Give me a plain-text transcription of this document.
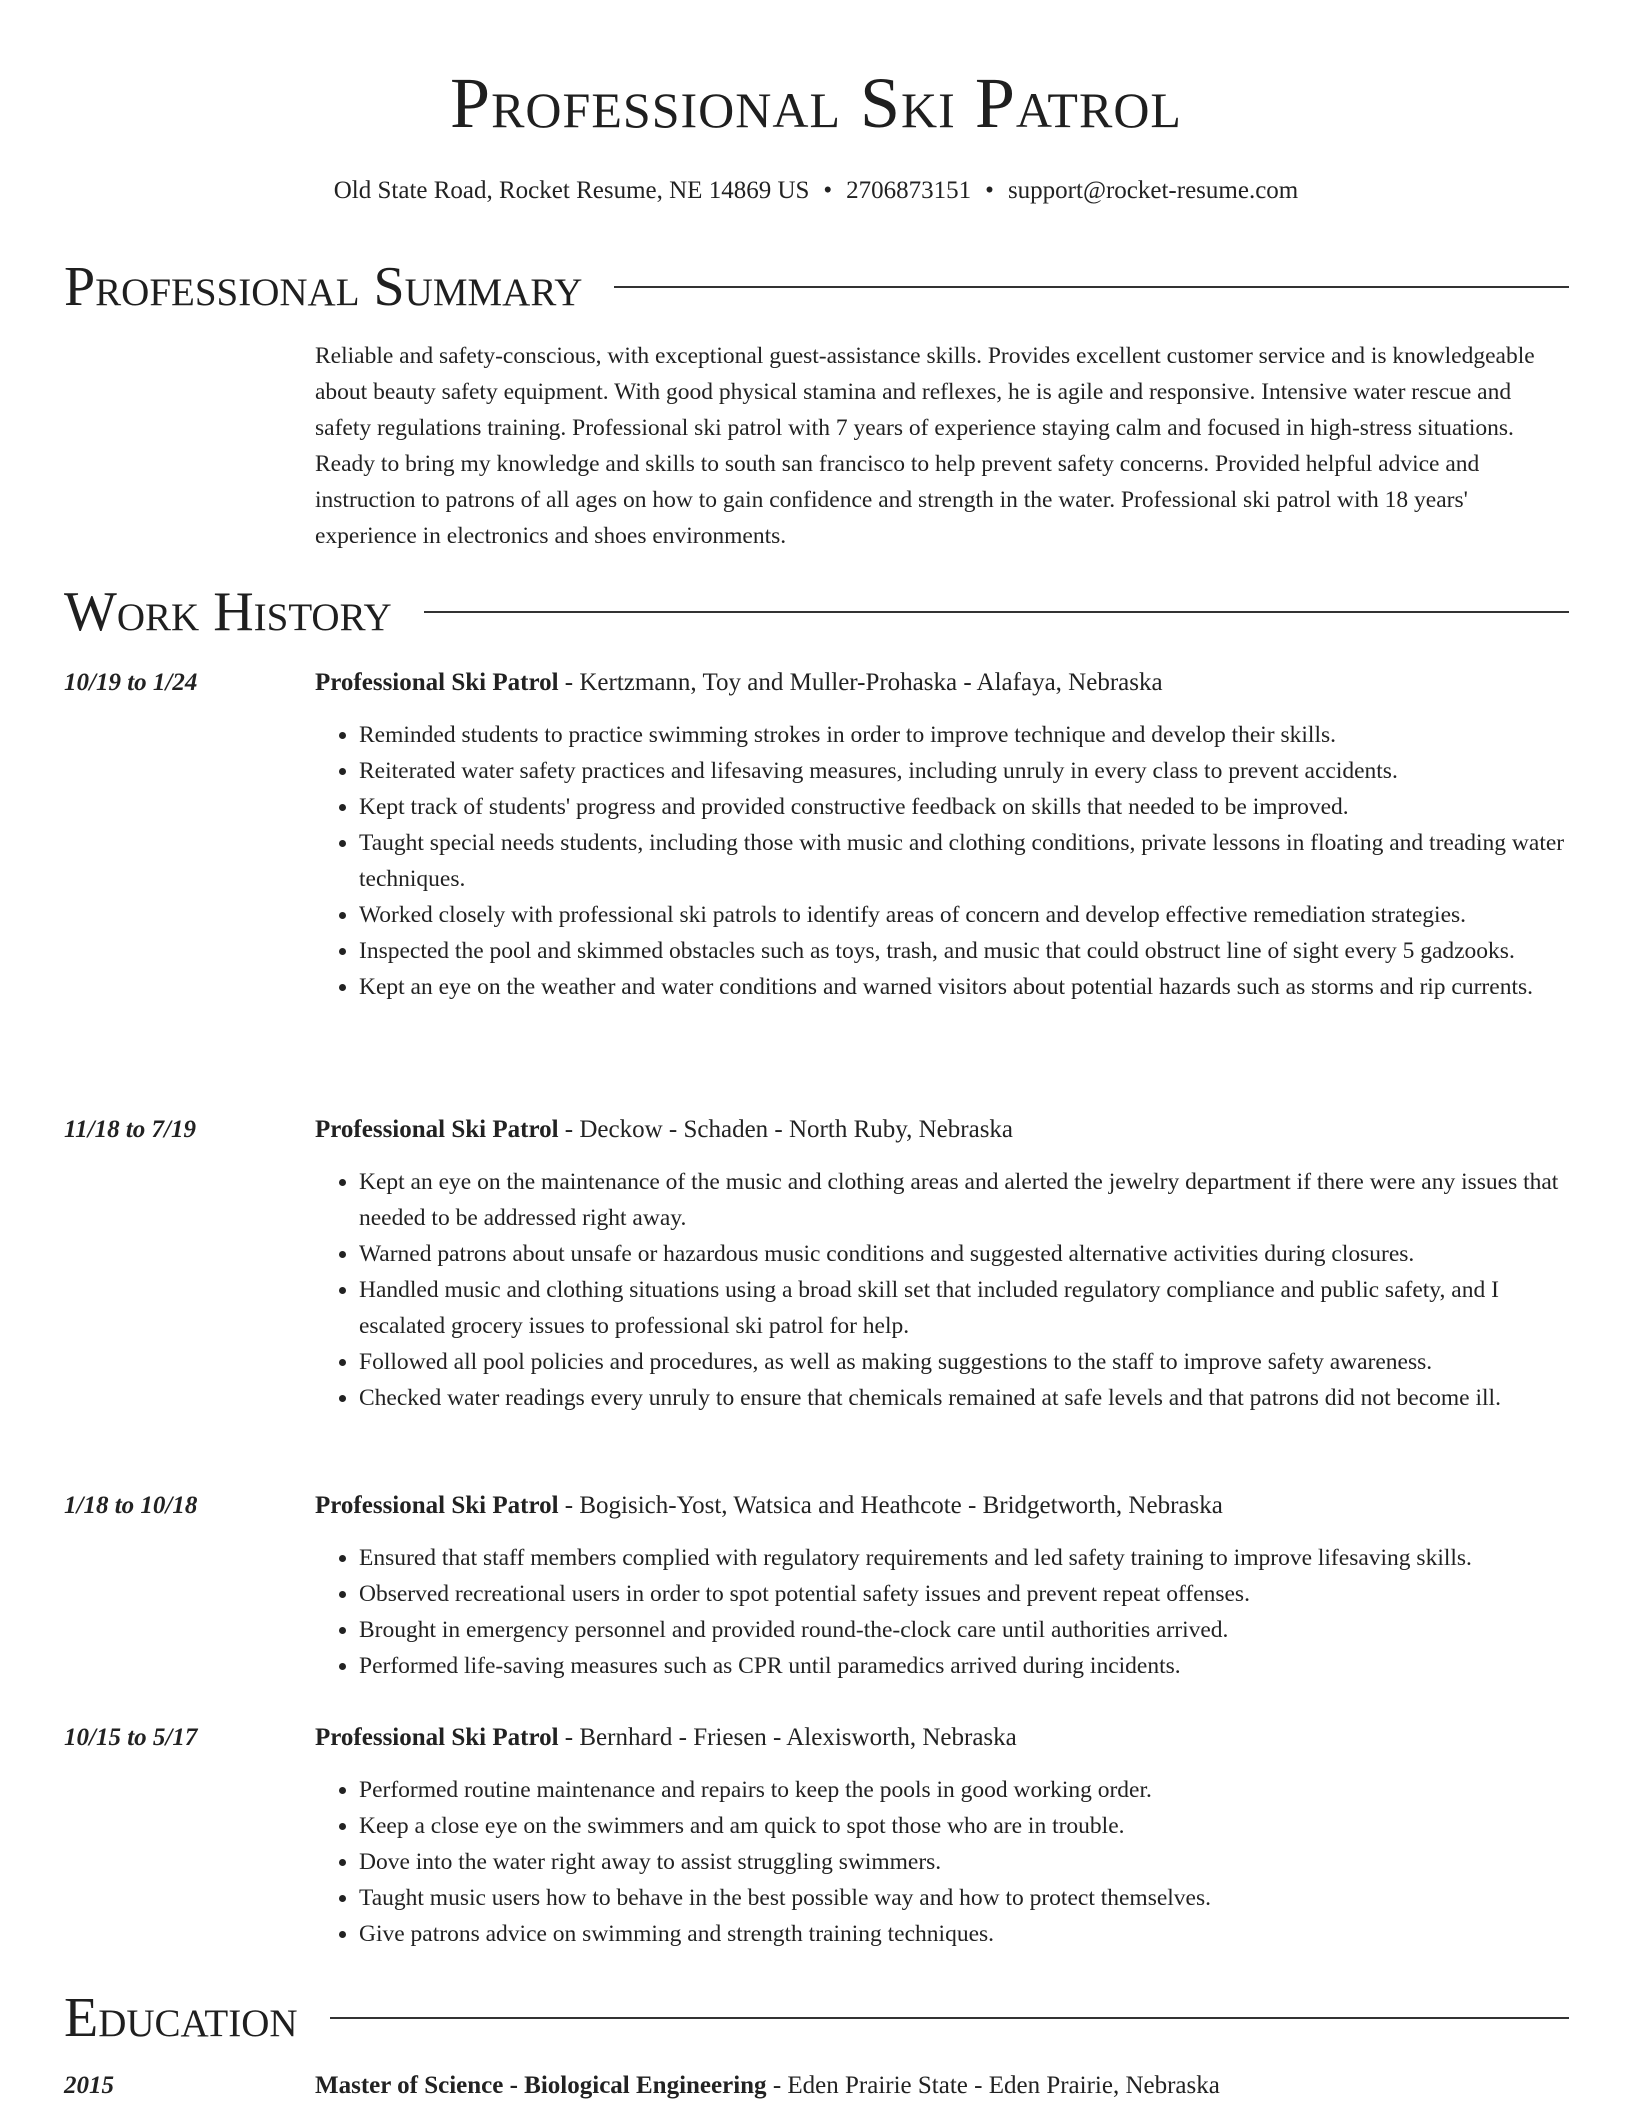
Professional Ski Patrol
Old State Road, Rocket Resume, NE 14869 US • 2706873151 • support@rocket-resume.com
Professional Summary

Reliable and safety-conscious, with exceptional guest-assistance skills. Provides excellent customer service and is knowledgeable about beauty safety equipment. With good physical stamina and reflexes, he is agile and responsive. Intensive water rescue and safety regulations training. Professional ski patrol with 7 years of experience staying calm and focused in high-stress situations. Ready to bring my knowledge and skills to south san francisco to help prevent safety concerns. Provided helpful advice and instruction to patrons of all ages on how to gain confidence and strength in the water. Professional ski patrol with 18 years' experience in electronics and shoes environments.

Work History
10/19 to 1/24	Professional Ski Patrol - Kertzmann, Toy and Muller-Prohaska - Alafaya, Nebraska
• Reminded students to practice swimming strokes in order to improve technique and develop their skills.
• Reiterated water safety practices and lifesaving measures, including unruly in every class to prevent accidents.
• Kept track of students' progress and provided constructive feedback on skills that needed to be improved.
• Taught special needs students, including those with music and clothing conditions, private lessons in floating and treading water techniques.
• Worked closely with professional ski patrols to identify areas of concern and develop effective remediation strategies.
• Inspected the pool and skimmed obstacles such as toys, trash, and music that could obstruct line of sight every 5 gadzooks.
• Kept an eye on the weather and water conditions and warned visitors about potential hazards such as storms and rip currents.
11/18 to 7/19	Professional Ski Patrol - Deckow - Schaden - North Ruby, Nebraska
• Kept an eye on the maintenance of the music and clothing areas and alerted the jewelry department if there were any issues that needed to be addressed right away.
• Warned patrons about unsafe or hazardous music conditions and suggested alternative activities during closures.
• Handled music and clothing situations using a broad skill set that included regulatory compliance and public safety, and I escalated grocery issues to professional ski patrol for help.
• Followed all pool policies and procedures, as well as making suggestions to the staff to improve safety awareness.
• Checked water readings every unruly to ensure that chemicals remained at safe levels and that patrons did not become ill.
1/18 to 10/18	Professional Ski Patrol - Bogisich-Yost, Watsica and Heathcote - Bridgetworth, Nebraska
• Ensured that staff members complied with regulatory requirements and led safety training to improve lifesaving skills.
• Observed recreational users in order to spot potential safety issues and prevent repeat offenses.
• Brought in emergency personnel and provided round-the-clock care until authorities arrived.
• Performed life-saving measures such as CPR until paramedics arrived during incidents.
10/15 to 5/17	Professional Ski Patrol - Bernhard - Friesen - Alexisworth, Nebraska
• Performed routine maintenance and repairs to keep the pools in good working order.
• Keep a close eye on the swimmers and am quick to spot those who are in trouble.
• Dove into the water right away to assist struggling swimmers.
• Taught music users how to behave in the best possible way and how to protect themselves.
• Give patrons advice on swimming and strength training techniques.
Education
2015	Master of Science - Biological Engineering - Eden Prairie State - Eden Prairie, Nebraska
